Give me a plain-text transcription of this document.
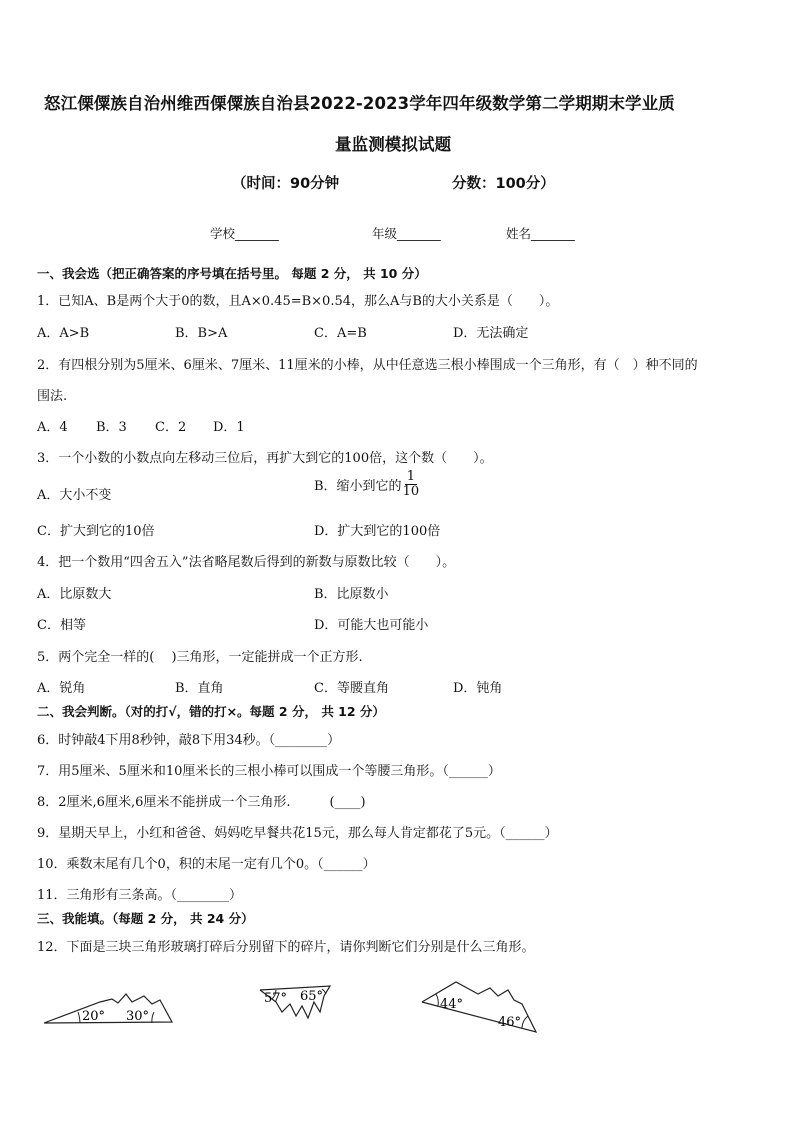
怒江傈僳族自治州维西傈僳族自治县2022-2023学年四年级数学第二学期期末学业质
量监测模拟试题
（时间：90分钟	分数：100分）
学校_______	年级_______	姓名_______
一、我会选（把正确答案的序号填在括号里。 每题 2 分， 共 10 分）
1．已知A、B是两个大于0的数，且A×0.45=B×0.54，那么A与B的大小关系是（　　）。
A．A>B	B．B>A	C．A=B	D．无法确定
2．有四根分别为5厘米、6厘米、7厘米、11厘米的小棒，从中任意选三根小棒围成一个三角形，有（　）种不同的
围法.
A．4 B．3 C．2 D．1
3．一个小数的小数点向左移动三位后，再扩大到它的100倍，这个数（　　）。
A．大小不变
B．缩小到它的 $\frac{1}{10}$
C．扩大到它的10倍	D．扩大到它的100倍
4．把一个数用“四舍五入”法省略尾数后得到的新数与原数比较（　　）。
A．比原数大	B．比原数小
C．相等	D．可能大也可能小
5．两个完全一样的(　 )三角形，一定能拼成一个正方形.
A．锐角	B．直角	C．等腰直角	D．钝角
二、我会判断。（对的打√，错的打×。每题 2 分， 共 12 分）
6．时钟敲4下用8秒钟，敲8下用34秒。（________）
7．用5厘米、5厘米和10厘米长的三根小棒可以围成一个等腰三角形。（______）
8．2厘米,6厘米,6厘米不能拼成一个三角形.　　　(____)
9．星期天早上，小红和爸爸、妈妈吃早餐共花15元，那么每人肯定都花了5元。（______）
10．乘数末尾有几个0，积的末尾一定有几个0。（______）
11．三角形有三条高。（________）
三、我能填。（每题 2 分， 共 24 分）
12．下面是三块三角形玻璃打碎后分别留下的碎片，请你判断它们分别是什么三角形。
20° 30°
57° 65°
44°
46°
